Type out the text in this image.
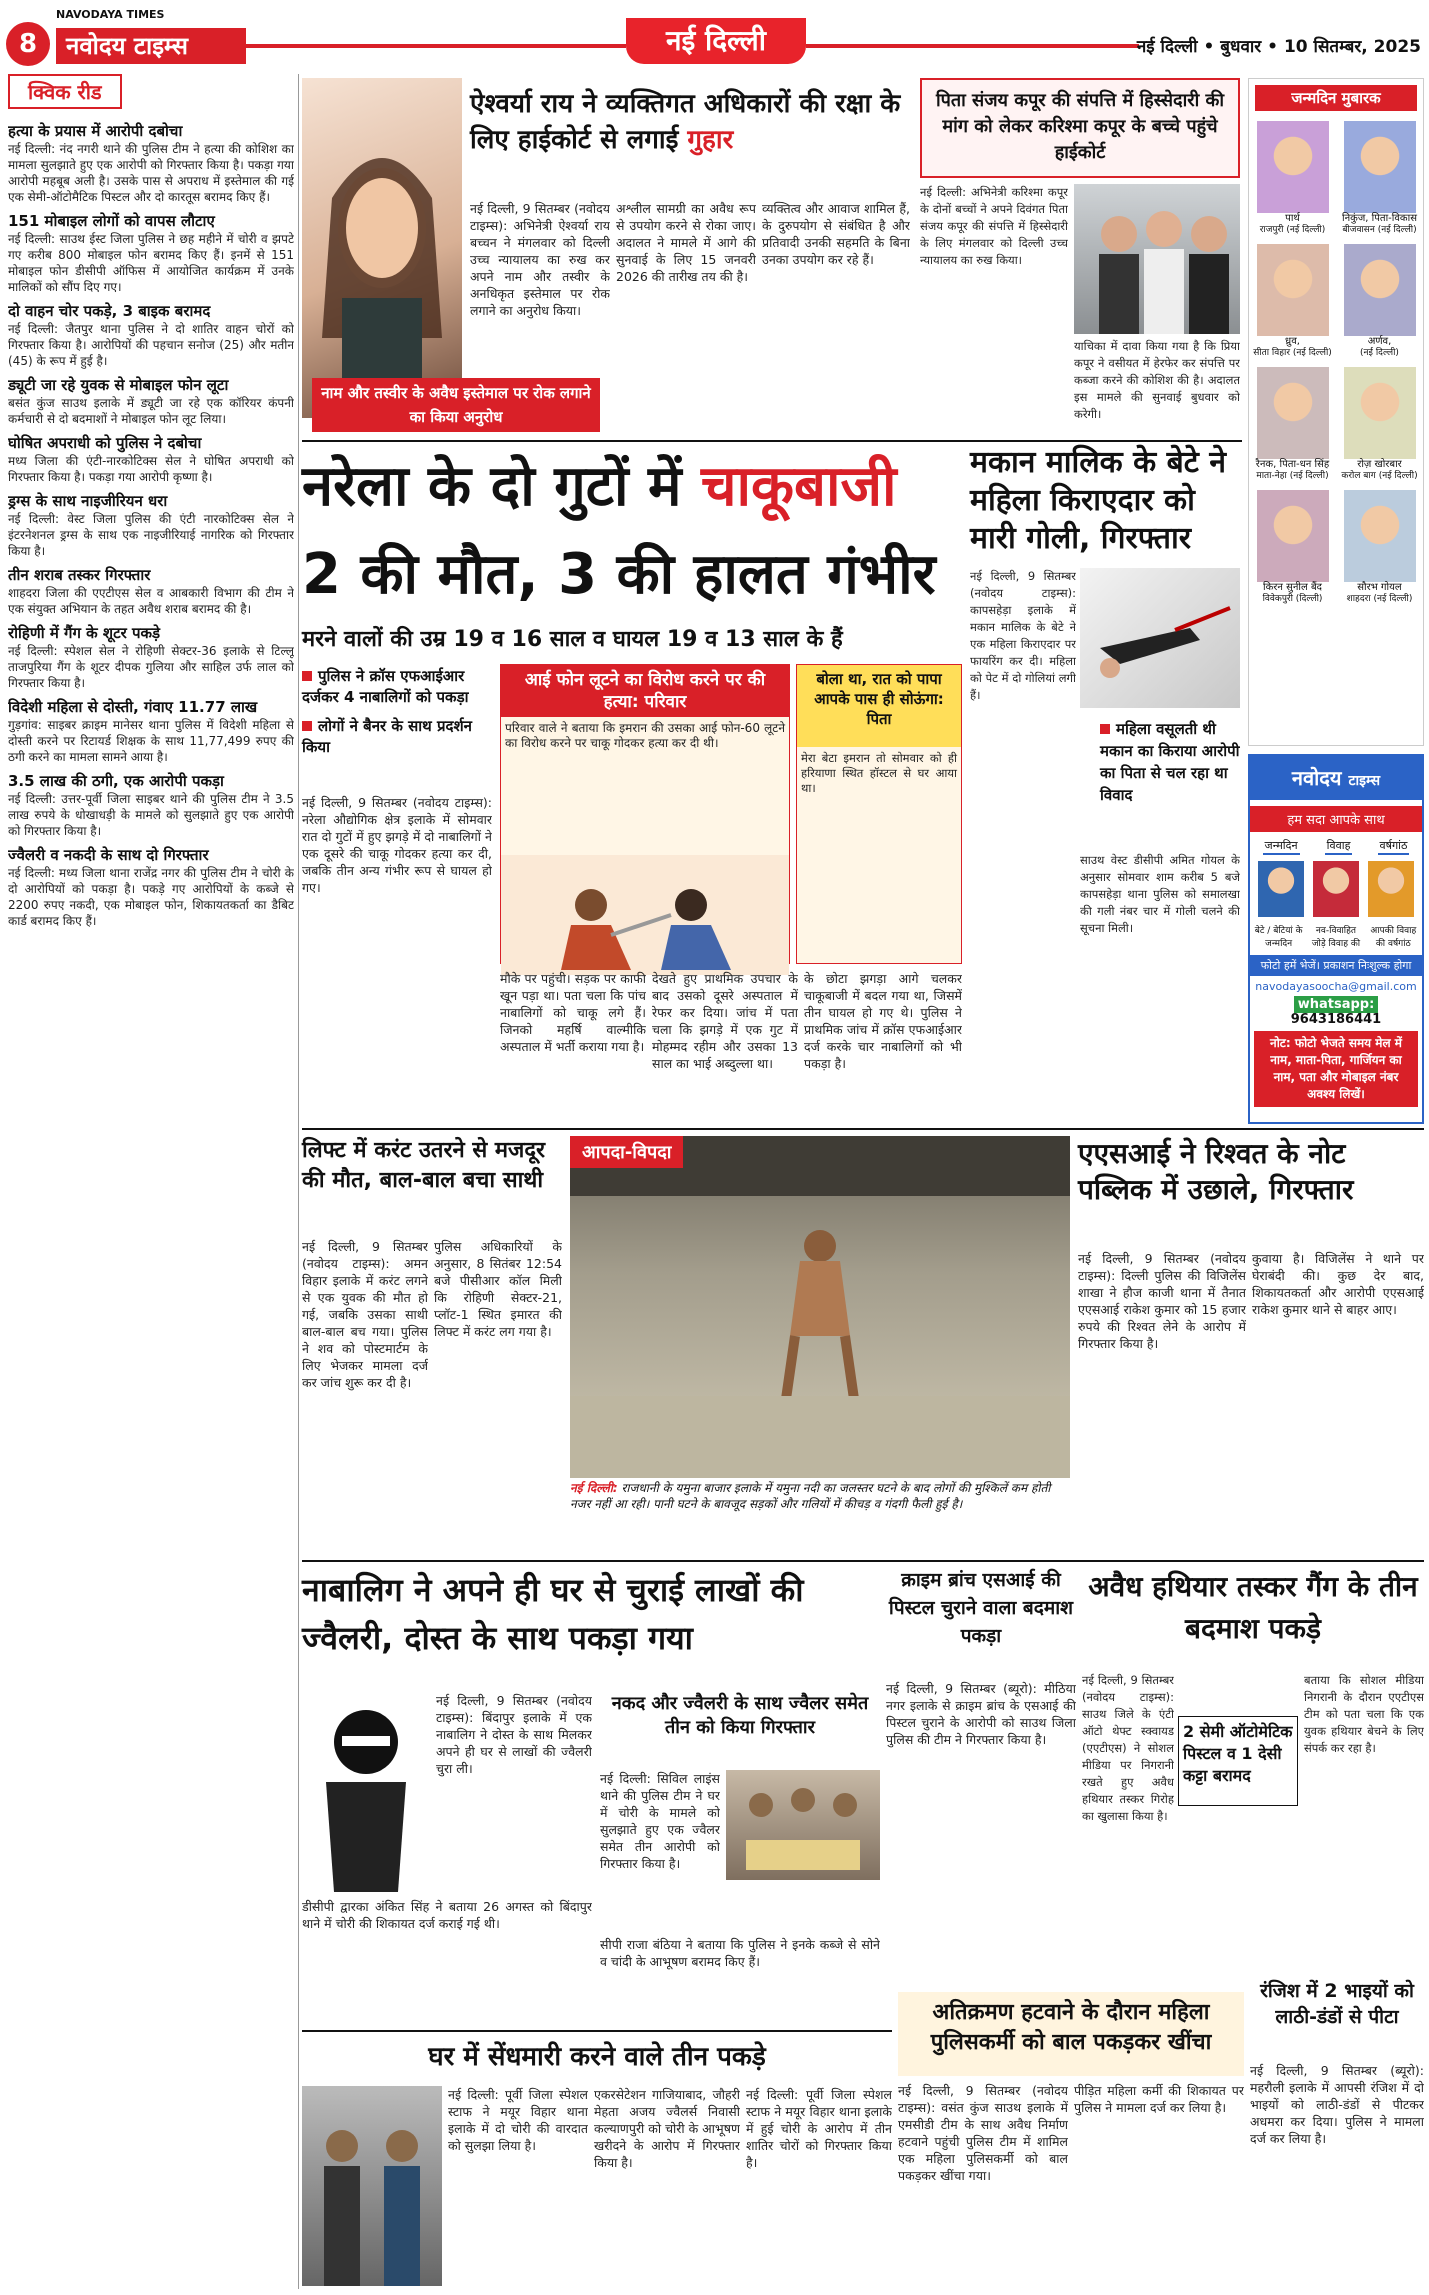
8
NAVODAYA TIMES
नवोदय टाइम्स	नई दिल्ली	नई दिल्ली • बुधवार • 10 सितम्बर, 2025
क्विक रीड
हत्या के प्रयास में आरोपी दबोचा
नई दिल्ली: नंद नगरी थाने की पुलिस टीम ने हत्या की कोशिश का मामला सुलझाते हुए एक आरोपी को गिरफ्तार किया है। पकड़ा गया आरोपी महबूब अली है। उसके पास से अपराध में इस्तेमाल की गई एक सेमी-ऑटोमैटिक पिस्टल और दो कारतूस बरामद किए हैं।
151 मोबाइल लोगों को वापस लौटाए
नई दिल्ली: साउथ ईस्ट जिला पुलिस ने छह महीने में चोरी व झपटे गए करीब 800 मोबाइल फोन बरामद किए हैं। इनमें से 151 मोबाइल फोन डीसीपी ऑफिस में आयोजित कार्यक्रम में उनके मालिकों को सौंप दिए गए।
दो वाहन चोर पकड़े, 3 बाइक बरामद
नई दिल्ली: जैतपुर थाना पुलिस ने दो शातिर वाहन चोरों को गिरफ्तार किया है। आरोपियों की पहचान सनोज (25) और मतीन (45) के रूप में हुई है।
ड्यूटी जा रहे युवक से मोबाइल फोन लूटा
बसंत कुंज साउथ इलाके में ड्यूटी जा रहे एक कॉरियर कंपनी कर्मचारी से दो बदमाशों ने मोबाइल फोन लूट लिया।
घोषित अपराधी को पुलिस ने दबोचा
मध्य जिला की एंटी-नारकोटिक्स सेल ने घोषित अपराधी को गिरफ्तार किया है। पकड़ा गया आरोपी कृष्णा है।
ड्रग्स के साथ नाइजीरियन धरा
नई दिल्ली: वेस्ट जिला पुलिस की एंटी नारकोटिक्स सेल ने इंटरनेशनल ड्रग्स के साथ एक नाइजीरियाई नागरिक को गिरफ्तार किया है।
तीन शराब तस्कर गिरफ्तार
शाहदरा जिला की एएटीएस सेल व आबकारी विभाग की टीम ने एक संयुक्त अभियान के तहत अवैध शराब बरामद की है।
रोहिणी में गैंग के शूटर पकड़े
नई दिल्ली: स्पेशल सेल ने रोहिणी सेक्टर-36 इलाके से टिल्लू ताजपुरिया गैंग के शूटर दीपक गुलिया और साहिल उर्फ लाल को गिरफ्तार किया है।
विदेशी महिला से दोस्ती, गंवाए 11.77 लाख
गुड़गांव: साइबर क्राइम मानेसर थाना पुलिस में विदेशी महिला से दोस्ती करने पर रिटायर्ड शिक्षक के साथ 11,77,499 रुपए की ठगी करने का मामला सामने आया है।
3.5 लाख की ठगी, एक आरोपी पकड़ा
नई दिल्ली: उत्तर-पूर्वी जिला साइबर थाने की पुलिस टीम ने 3.5 लाख रुपये के धोखाधड़ी के मामले को सुलझाते हुए एक आरोपी को गिरफ्तार किया है।
ज्वैलरी व नकदी के साथ दो गिरफ्तार
नई दिल्ली: मध्य जिला थाना राजेंद्र नगर की पुलिस टीम ने चोरी के दो आरोपियों को पकड़ा है। पकड़े गए आरोपियों के कब्जे से 2200 रुपए नकदी, एक मोबाइल फोन, शिकायतकर्ता का डैबिट कार्ड बरामद किए हैं।
ऐश्वर्या राय ने व्यक्तिगत अधिकारों की रक्षा के लिए हाईकोर्ट से लगाई गुहार
नई दिल्ली, 9 सितम्बर (नवोदय टाइम्स): अभिनेत्री ऐश्वर्या राय बच्चन ने मंगलवार को दिल्ली उच्च न्यायालय का रुख कर अपने नाम और तस्वीर के अनधिकृत इस्तेमाल पर रोक लगाने का अनुरोध किया।
अश्लील सामग्री का अवैध रूप से उपयोग करने से रोका जाए। अदालत ने मामले में आगे की सुनवाई के लिए 15 जनवरी 2026 की तारीख तय की है।
व्यक्तित्व और आवाज शामिल हैं, के दुरुपयोग से संबंधित है और प्रतिवादी उनकी सहमति के बिना उनका उपयोग कर रहे हैं।
नाम और तस्वीर के अवैध इस्तेमाल पर रोक लगाने का किया अनुरोध
पिता संजय कपूर की संपत्ति में हिस्सेदारी की मांग को लेकर करिश्मा कपूर के बच्चे पहुंचे हाईकोर्ट
नई दिल्ली: अभिनेत्री करिश्मा कपूर के दोनों बच्चों ने अपने दिवंगत पिता संजय कपूर की संपत्ति में हिस्सेदारी के लिए मंगलवार को दिल्ली उच्च न्यायालय का रुख किया।
याचिका में दावा किया गया है कि प्रिया कपूर ने वसीयत में हेरफेर कर संपत्ति पर कब्जा करने की कोशिश की है। अदालत इस मामले की सुनवाई बुधवार को करेगी।
जन्मदिन मुबारक
पार्थ
राजपुरी (नई दिल्ली)
निकुंज, पिता-विकास
बीजवासन (नई दिल्ली)
ध्रुव,
सीता विहार (नई दिल्ली)
अर्णव,
(नई दिल्ली)
रैनक, पिता-धन सिंह
माता-नेहा (नई दिल्ली)
रोज़ खोरबार
करोल बाग (नई दिल्ली)
किरन सुनील बैंद
विवेकपुरी (दिल्ली)
सौरभ गोयल
शाहदरा (नई दिल्ली)
नरेला के दो गुटों में चाकूबाजी
2 की मौत, 3 की हालत गंभीर
मरने वालों की उम्र 19 व 16 साल व घायल 19 व 13 साल के हैं
पुलिस ने क्रॉस एफआईआर दर्जकर 4 नाबालिगों को पकड़ा
लोगों ने बैनर के साथ प्रदर्शन किया
आई फोन लूटने का विरोध करने पर की हत्या: परिवार
परिवार वाले ने बताया कि इमरान की उसका आई फोन-60 लूटने का विरोध करने पर चाकू गोदकर हत्या कर दी थी।
बोला था, रात को पापा आपके पास ही सोऊंगा: पिता
मेरा बेटा इमरान तो सोमवार को ही हरियाणा स्थित हॉस्टल से घर आया था।
नई दिल्ली, 9 सितम्बर (नवोदय टाइम्स): नरेला औद्योगिक क्षेत्र इलाके में सोमवार रात दो गुटों में हुए झगड़े में दो नाबालिगों ने एक दूसरे की चाकू गोदकर हत्या कर दी, जबकि तीन अन्य गंभीर रूप से घायल हो गए।
मौके पर पहुंची। सड़क पर काफी खून पड़ा था। पता चला कि पांच नाबालिगों को चाकू लगे हैं। जिनको महर्षि वाल्मीकि अस्पताल में भर्ती कराया गया है।
देखते हुए प्राथमिक उपचार के बाद उसको दूसरे अस्पताल में रेफर कर दिया। जांच में पता चला कि झगड़े में एक गुट में मोहम्मद रहीम और उसका 13 साल का भाई अब्दुल्ला था।
के छोटा झगड़ा आगे चलकर चाकूबाजी में बदल गया था, जिसमें तीन घायल हो गए थे। पुलिस ने प्राथमिक जांच में क्रॉस एफआईआर दर्ज करके चार नाबालिगों को भी पकड़ा है।
मकान मालिक के बेटे ने महिला किराएदार को मारी गोली, गिरफ्तार
नई दिल्ली, 9 सितम्बर (नवोदय टाइम्स): कापसहेड़ा इलाके में मकान मालिक के बेटे ने एक महिला किराएदार पर फायरिंग कर दी। महिला को पेट में दो गोलियां लगी हैं।
महिला वसूलती थी मकान का किराया आरोपी का पिता से चल रहा था विवाद
साउथ वेस्ट डीसीपी अमित गोयल के अनुसार सोमवार शाम करीब 5 बजे कापसहेड़ा थाना पुलिस को समालखा की गली नंबर चार में गोली चलने की सूचना मिली।
नवोदय टाइम्स
हम सदा आपके साथ
जन्मदिन	विवाह	वर्षगांठ
बेटे / बेटियां के जन्मदिन
नव-विवाहित जोड़े विवाह की
आपकी विवाह की वर्षगांठ
फोटो हमें भेजें। प्रकाशन निःशुल्क होगा
navodayasoocha@gmail.com
whatsapp: 9643186441
नोट: फोटो भेजते समय मेल में नाम, माता-पिता, गार्जियन का नाम, पता और मोबाइल नंबर अवश्य लिखें।
लिफ्ट में करंट उतरने से मजदूर की मौत, बाल-बाल बचा साथी
नई दिल्ली, 9 सितम्बर (नवोदय टाइम्स): अमन विहार इलाके में करंट लगने से एक युवक की मौत हो गई, जबकि उसका साथी बाल-बाल बच गया। पुलिस ने शव को पोस्टमार्टम के लिए भेजकर मामला दर्ज कर जांच शुरू कर दी है।
पुलिस अधिकारियों के अनुसार, 8 सितंबर 12:54 बजे पीसीआर कॉल मिली कि रोहिणी सेक्टर-21, प्लॉट-1 स्थित इमारत की लिफ्ट में करंट लग गया है।
आपदा-विपदा
नई दिल्ली: राजधानी के यमुना बाजार इलाके में यमुना नदी का जलस्तर घटने के बाद लोगों की मुश्किलें कम होती नजर नहीं आ रही। पानी घटने के बावजूद सड़कों और गलियों में कीचड़ व गंदगी फैली हुई है।
एएसआई ने रिश्वत के नोट पब्लिक में उछाले, गिरफ्तार
नई दिल्ली, 9 सितम्बर (नवोदय टाइम्स): दिल्ली पुलिस की विजिलेंस शाखा ने हौज काजी थाना में तैनात एएसआई राकेश कुमार को 15 हजार रुपये की रिश्वत लेने के आरोप में गिरफ्तार किया है।
कुवाया है। विजिलेंस ने थाने पर घेराबंदी की। कुछ देर बाद, शिकायतकर्ता और आरोपी एएसआई राकेश कुमार थाने से बाहर आए।
नाबालिग ने अपने ही घर से चुराई लाखों की ज्वैलरी, दोस्त के साथ पकड़ा गया
नई दिल्ली, 9 सितम्बर (नवोदय टाइम्स): बिंदापुर इलाके में एक नाबालिग ने दोस्त के साथ मिलकर अपने ही घर से लाखों की ज्वैलरी चुरा ली।
डीसीपी द्वारका अंकित सिंह ने बताया 26 अगस्त को बिंदापुर थाने में चोरी की शिकायत दर्ज कराई गई थी।
नकद और ज्वैलरी के साथ ज्वैलर समेत तीन को किया गिरफ्तार
नई दिल्ली: सिविल लाइंस थाने की पुलिस टीम ने घर में चोरी के मामले को सुलझाते हुए एक ज्वैलर समेत तीन आरोपी को गिरफ्तार किया है।
सीपी राजा बंठिया ने बताया कि पुलिस ने इनके कब्जे से सोने व चांदी के आभूषण बरामद किए हैं।
क्राइम ब्रांच एसआई की पिस्टल चुराने वाला बदमाश पकड़ा
नई दिल्ली, 9 सितम्बर (ब्यूरो): मीठिया नगर इलाके से क्राइम ब्रांच के एसआई की पिस्टल चुराने के आरोपी को साउथ जिला पुलिस की टीम ने गिरफ्तार किया है।
अवैध हथियार तस्कर गैंग के तीन बदमाश पकड़े
नई दिल्ली, 9 सितम्बर (नवोदय टाइम्स): साउथ जिले के एंटी ऑटो थेफ्ट स्क्वायड (एएटीएस) ने सोशल मीडिया पर निगरानी रखते हुए अवैध हथियार तस्कर गिरोह का खुलासा किया है।
2 सेमी ऑटोमेटिक पिस्टल व 1 देसी कट्टा बरामद
बताया कि सोशल मीडिया निगरानी के दौरान एएटीएस टीम को पता चला कि एक युवक हथियार बेचने के लिए संपर्क कर रहा है।
घर में सेंधमारी करने वाले तीन पकड़े
नई दिल्ली: पूर्वी जिला स्पेशल स्टाफ ने मयूर विहार थाना इलाके में दो चोरी की वारदात को सुलझा लिया है।
एकरसेटेशन गाजियाबाद, जौहरी मेहता अजय ज्वैलर्स निवासी कल्याणपुरी को चोरी के आभूषण खरीदने के आरोप में गिरफ्तार किया है।
नई दिल्ली: पूर्वी जिला स्पेशल स्टाफ ने मयूर विहार थाना इलाके में हुई चोरी के आरोप में तीन शातिर चोरों को गिरफ्तार किया है।
अतिक्रमण हटवाने के दौरान महिला पुलिसकर्मी को बाल पकड़कर खींचा
नई दिल्ली, 9 सितम्बर (नवोदय टाइम्स): वसंत कुंज साउथ इलाके में एमसीडी टीम के साथ अवैध निर्माण हटवाने पहुंची पुलिस टीम में शामिल एक महिला पुलिसकर्मी को बाल पकड़कर खींचा गया।
पीड़ित महिला कर्मी की शिकायत पर पुलिस ने मामला दर्ज कर लिया है।
रंजिश में 2 भाइयों को लाठी-डंडों से पीटा
नई दिल्ली, 9 सितम्बर (ब्यूरो): महरौली इलाके में आपसी रंजिश में दो भाइयों को लाठी-डंडों से पीटकर अधमरा कर दिया। पुलिस ने मामला दर्ज कर लिया है।
